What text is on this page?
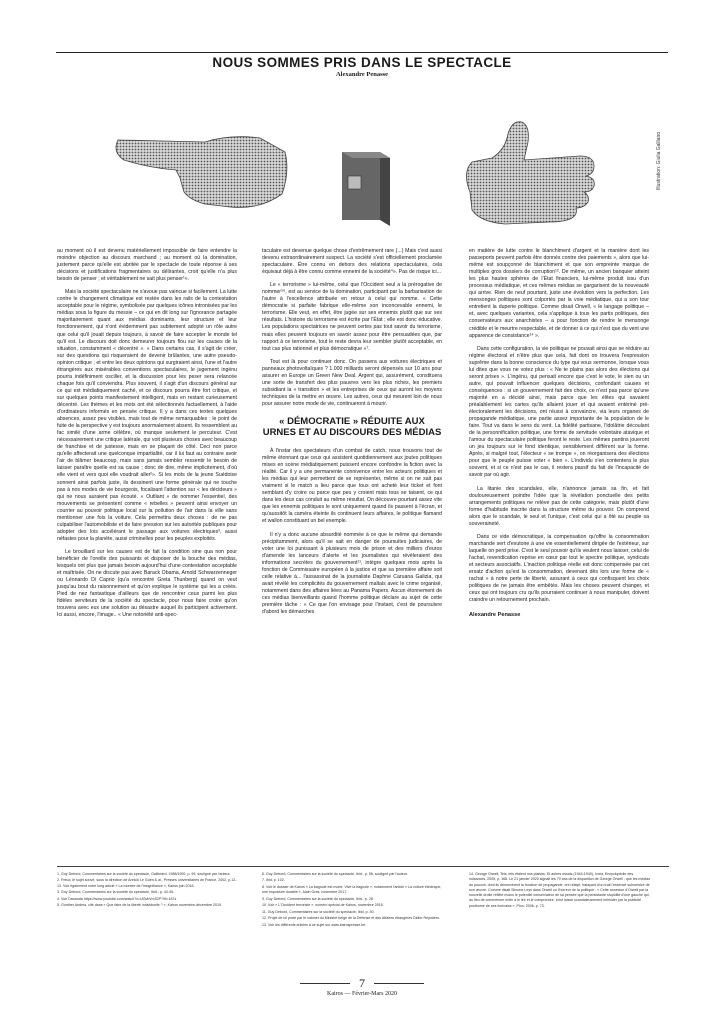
NOUS SOMMES PRIS DANS LE SPECTACLE
Alexandre Penasse
Illustration: Giulia Galliano

au moment où il est devenu matériellement impossible de faire entendre la moindre objection au discours marchand ; au moment où la domination, justement parce qu'elle est abritée par le spectacle de toute réponse à ses décisions et justifications fragmentaires ou délirantes, croit qu'elle n'a plus besoin de penser ; et véritablement ne sait plus penser¹».

Mais la société spectaculaire ne s'avoue pas vaincue si facilement. La lutte contre le changement climatique est restée dans les rails de la contestation acceptable pour le régime, symbolisée par quelques icônes intronisées par les médias sous la figure du messie – ce qui en dit long sur l'ignorance partagée majoritairement quant aux médias dominants, leur structure et leur fonctionnement, qui n'ont évidemment pas subitement adopté un rôle autre que celui qu'il jouait depuis toujours, à savoir de faire accepter le monde tel qu'il est. Le discours doit donc demeurer toujours flou sur les causes de la situation, constamment « décentré ». « Dans certains cas, il s'agit de créer, sur des questions qui risqueraient de devenir brûlantes, une autre pseudo-opinion critique ; et entre les deux opinions qui surgiraient ainsi, l'une et l'autre étrangères aux misérables conventions spectaculaires, le jugement ingénu pourra indéfiniment osciller, et la discussion pour les peser sera relancée chaque fois qu'il conviendra. Plus souvent, il s'agit d'un discours général sur ce qui est médiatiquement caché, et ce discours pourra être fort critique, et sur quelques points manifestement intelligent, mais en restant curieusement décentré. Les thèmes et les mots ont été sélectionnés factuellement, à l'aide d'ordinateurs informés en pensée critique. Il y a dans ces textes quelques absences, assez peu visibles, mais tout de même remarquables : le point de fuite de la perspective y est toujours anormalement absent. Ils ressemblent au fac similé d'une arme célèbre, où manque seulement le percuteur. C'est nécessairement une critique latérale, qui voit plusieurs choses avec beaucoup de franchise et de justesse, mais en se plaçant de côté. Ceci non parce qu'elle affecterait une quelconque impartialité, car il lui faut au contraire avoir l'air de blâmer beaucoup, mais sans jamais sembler ressentir le besoin de laisser paraître quelle est sa cause ; donc de dire, même implicitement, d'où elle vient et vers quoi elle voudrait aller²». Si les mots de la jeune Suédoise sonnent ainsi parfois juste, ils dessinent une forme générale qui ne touche pas à nos modes de vie bourgeois, focalisant l'attention sur « les décideurs » qui ne nous auraient pas écouté. « Outliant » de nommer l'essentiel, des mouvements se présentent comme « rebelles » peuvent ainsi envoyer un courrier au pouvoir politique local sur la pollution de l'air dans la ville sans mentionner une fois la voiture. Cela permettra deux choses : de ne pas culpabiliser l'automobiliste et de faire pression sur les autorités publiques pour adopter des lois accélérant le passage aux voitures électriques³, aussi néfastes pour la planète, aussi criminelles pour les peuples exploités.

Le brouillard sur les causes est de fait la condition sine qua non pour bénéficier de l'oreille des puissants et disposer de la bouche des médias, lesquels ont plus que jamais besoin aujourd'hui d'une contestation acceptable et maîtrisée. On ne discute pas avec Barack Obama, Arnold Schwarzenneger ou Léonardo Di Caprio (qu'a rencontré Greta Thunberg) quand on veut jusqu'au bout du raisonnement et qu'on explique le système qui les a créés. Pied de nez fantastique d'ailleurs que de rencontrer ceux parmi les plus fidèles serviteurs de la société du spectacle, pour nous faire croire qu'on trouvera avec eux une solution au désastre auquel ils participent activement. Ici aussi, encore, l'image.. « Une notoriété anti-spec-

taculaire est devenue quelque chose d'extrêmement rare (...) Mais c'est aussi devenu extraordinairement suspect. La société s'est officiellement proclamée spectaculaire. Être connu en dehors des relations spectaculaires, cela équivaut déjà à être connu comme ennemi de la société⁴». Pas de risque ici...

Le « terrorisme » lui-même, celui que l'Occident seul a la prérogative de nommer⁵⁶, est au service de la domination, participant par la barbarisation de l'autre à l'excellence attribuée en retour à celui qui nomme. « Cette démocratie si parfaite fabrique elle-même son inconcevable ennemi, le terrorisme. Elle veut, en effet, être jugée sur ses ennemis plutôt que sur ses résultats. L'histoire du terrorisme est écrite par l'État ; elle est donc éducative. Les populations spectatrices ne peuvent certes pas tout savoir du terrorisme, mais elles peuvent toujours en savoir assez pour être persuadées que, par rapport à ce terrorisme, tout le reste devra leur sembler plutôt acceptable, en tout cas plus rationnel et plus démocratique »⁷.

Tout est là pour continuer donc. On passera aux voitures électriques et panneaux photovoltaïques ? 1.000 milliards seront dépensés sur 10 ans pour assurer en Europe un Green New Deal. Argent qui, assurément, constituera une sorte de transfert des plus pauvres vers les plus riches, les premiers subsidiant la « transition » et les entreprises de ceux qui auront les moyens techniques de la mettre en œuvre. Les autres, ceux qui meurent loin de nous pour assurer notre mode de vie, continueront à mourir.

« DÉMOCRATIE » RÉDUITE AUX URNES ET AU DISCOURS DES MÉDIAS

À l'instar des spectateurs d'un combat de catch, nous trouvons tout de même étonnant que ceux qui assistent quotidiennement aux joutes politiques mises en scène médiatiquement puissent encore confondre la fiction avec la réalité. Car il y a une permanente connivence entre les acteurs politiques et les médias qui leur permettent de se représenter, même si on ne sait pas vraiment si le match a lieu parce que tous ont acheté leur ticket et font semblant d'y croire ou parce que peu y croient mais tous se taisent, ce qui dans les deux cas conduit au même résultat. On découvre pourtant assez vite que les ennemis politiques le sont uniquement quand ils passent à l'écran, et qu'aussitôt la caméra éteinte ils continuent leurs affaires, le politique flamand et wallon constituant un bel exemple.

Il n'y a donc aucune absurdité nommée à ce que le même qui demande précipitamment, alors qu'il se sait en danger de poursuites judiciaires, de voter une loi punissant à plusieurs mois de prison et des milliers d'euros d'amende les lanceurs d'alerte et les journalistes qui révéleraient des informations secrètes du gouvernement¹¹, intègre quelques mois après la fonction de Commissaire européen à la justice et que sa première affaire soit celle relative à... l'assassinat de la journaliste Daphne Caruana Galizia, qui avait révélé les complicités du gouvernement maltais avec le crime organisé, notamment dans des affaires liées au Panama Papers. Aucun étonnement de ces médias bienveillants quand l'homme politique déclare au sujet de cette première tâche : « Ce que l'on envisage pour l'instant, c'est de poursuivre d'abord les démarches

en matière de lutte contre le blanchiment d'argent et la manière dont les passeports peuvent parfois être donnés contre des paiements », alors que lui-même est soupçonné de blanchiment et que son empreinte marque de multiples gros dossiers de corruption¹². De même, un ancien banquier atteint les plus hautes sphères de l'État financiers, lui-même produit issu d'un processus médiatique, et ces mêmes médias se gargarisent de la nouveauté qui arrive. Rien de neuf pourtant, juste une évolution vers la perfection. Les mensonges politiques sont colportés par la voie médiatique, qui a son tour entretient la duperie politique. Comme disait Orwell, « le langage politique – et, avec quelques variantes, cela s'applique à tous les partis politiques, des conservateurs aux anarchistes – a pour fonction de rendre le mensonge crédible et le meurtre respectable, et de donner à ce qui n'est que du vent une apparence de consistance¹⁴ ».

Dans cette configuration, la vie politique ne pouvait ainsi que se réduire au régime électoral et n'être plus que cela, fait dont on trouvera l'expression suprême dans la bonne conscience du type qui vous sermonne, lorsque vous lui dites que vous ne votez plus : « Ne te plains pas alors des élections qui seront prises ». L'ingénu, qui pensait encore que c'est le vote, le sien ou un autre, qui pouvait influencer quelques décisions, confondant causes et conséquences : si un gouvernement fait des choix, ce n'est pas parce qu'une majorité en a décidé ainsi, mais parce que les élites qui savaient préalablement les cartes qu'ils allaient jouer et qui avaient entériné pré-électoralement les décisions, ont réussi à convaincre, via leurs organes de propagande médiatique, une partie assez importante de la population de le faire. Tout va dans le sens du vent. La fidélité partisane, l'idolâtrie découlant de la personnification politique, une forme de servitude volontaire atavique et l'amour du spectaculaire politique feront le reste. Les mêmes pantins joueront un jeu toujours sur le fond identique, sensiblement différent sur la forme. Après, si malgré tout, l'électeur « se trompe », on réorganisera des élections pour que le peuple puisse voter « bien ». L'individu s'en contentera le plus souvent, et si ce n'est pas le cas, il restera passif du fait de l'incapacité de savoir par où agir.

La litanie des scandales, elle, n'annonce jamais sa fin, et fait douloureusement poindre l'idée que la révélation ponctuelle des petits arrangements politiques ne relève pas de cette catégorie, mais plutôt d'une forme d'habitude inscrite dans la structure même du pouvoir. On comprend alors que le scandale, le seul et l'unique, c'est celui qui a ôté au peuple sa souveraineté.

Dans ce vide démocratique, la compensation qu'offre la consommation marchande sert d'exutoire à une vie essentiellement dirigée de l'extérieur, sur laquelle on perd prise. C'est le seul pouvoir qu'ils veulent nous laisser, celui de l'achat, revendication reprise en cœur par tout le spectre politique, syndicats et secteurs associatifs. L'inaction politique réelle est donc compensée par cet ersatz d'action qu'est la consommation, devenant dès lors une forme de « rachat » à notre perte de liberté, assurant à ceux qui confisquent les choix politiques de ne jamais être embêtés. Mais les choses peuvent changer, et ceux qui ont toujours cru qu'ils pourraient continuer à nous manipuler, doivent craindre un retournement prochain.

Alexandre Penasse
1. Guy Debord, Commentaires sur la société du spectacle, Gallimard, 1988/1992, p. 99, souligné par l'auteur.
2. Freud, le sujet souvé, sous la direction de Annick Le Guen & al., Presses universitaires de France, 2002, p.12-13. Voir également notre long article « La montée de l'insignifiance », Kairos juin 2016.
3. Guy Debord, Commentaires sur la société du spectacle, Ibid., p. 44-45.
4. Voir Daoanda https://www.youtube.com/watch?v=Ut3vbVrxS2P?M=187s
5. Gunther Anders, cité dans « Que faire de la liberté individuelle ? », Kairos novembre-décembre 2019.
6. Guy Debord, Commentaires sur la société du spectacle, Ibid., p. 56, souligné par l'auteur.
7. Ibid, p. 102.
8. Voir le dossier de Kairos « La bagnole est morte. Vive la bagnole », notamment l'article « La voiture électrique, une imposture durable », Alain Gras, novembre 2017.
9. Guy Debord, Commentaires sur la société du spectacle, Ibid., p. 28.
10. Voir « L'Occident terroriste », numéro spécial de Kairos, novembre 2016.
11. Guy Debord, Commentaires sur la société du spectacle, Ibid, p. 40.
12. Projet de loi porté par le cabinet du Ministre belge de la Défense et des Affaires étrangères Didier Reynders.
13. Voir les différents articles à ce sujet sur www.kairospresse.be.
14. George Orwell, Tels, tels étaient nos plaisirs. Et autres essais (1944-1949), Ivréa, Encyclopédie des nuisances, 2005, p. 168. Le 21 janvier 2020 signait les 70 ans de la disparition de George Orwell ; que les médias du pouvoir, dont ils dénoncèrent la fonction de propagande, ont rélayé, balayant d'un trait l'essence subversive de son œuvre. Comme disait Simone Leys dans Orwell ou l'horreur de la politique : « Cette annexion d'Orwell par la nouvelle droite reflète moins le potentiel conservateur de sa pensée que la persistante stupidité d'une gauche qui, au lieu de commencer enfin à le lire et le comprendre, s'est laissé scandaleusement intimider par la publicité posthume de ses écrivains », Plon, 2006, p. 73.
7
Kairos — Février-Mars 2020
